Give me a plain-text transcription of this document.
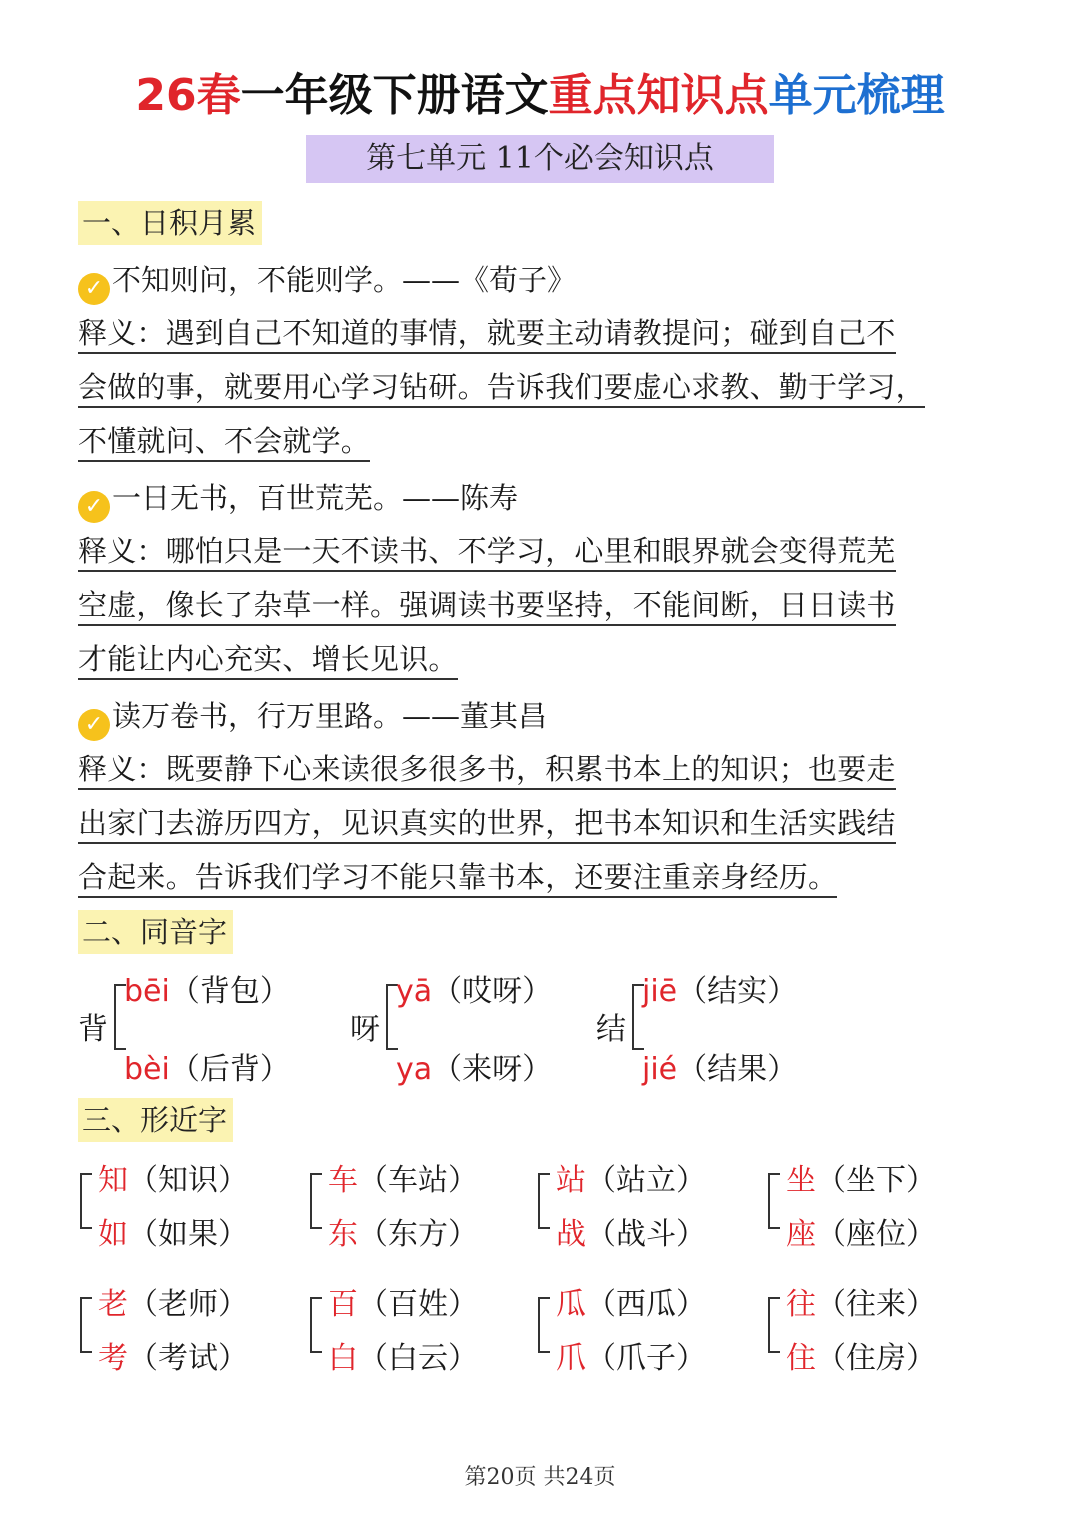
26春一年级下册语文重点知识点单元梳理
第七单元 11个必会知识点
一、日积月累
✓ 不知则问，不能则学。——《荀子》
释义：遇到自己不知道的事情，就要主动请教提问；碰到自己不
会做的事，就要用心学习钻研。告诉我们要虚心求教、勤于学习，
不懂就问、不会就学。
✓ 一日无书，百世荒芜。——陈寿
释义：哪怕只是一天不读书、不学习，心里和眼界就会变得荒芜
空虚，像长了杂草一样。强调读书要坚持，不能间断，日日读书
才能让内心充实、增长见识。
✓ 读万卷书，行万里路。——董其昌
释义：既要静下心来读很多很多书，积累书本上的知识；也要走
出家门去游历四方，见识真实的世界，把书本知识和生活实践结
合起来。告诉我们学习不能只靠书本，还要注重亲身经历。
二、同音字
背
bēi（背包）
bèi（后背）
呀
yā（哎呀）
ya（来呀）
结
jiē（结实）
jié（结果）
三、形近字
知（知识）
如（如果）
车（车站）
东（东方）
站（站立）
战（战斗）
坐（坐下）
座（座位）
老（老师）
考（考试）
百（百姓）
白（白云）
瓜（西瓜）
爪（爪子）
往（往来）
住（住房）
第20页 共24页
